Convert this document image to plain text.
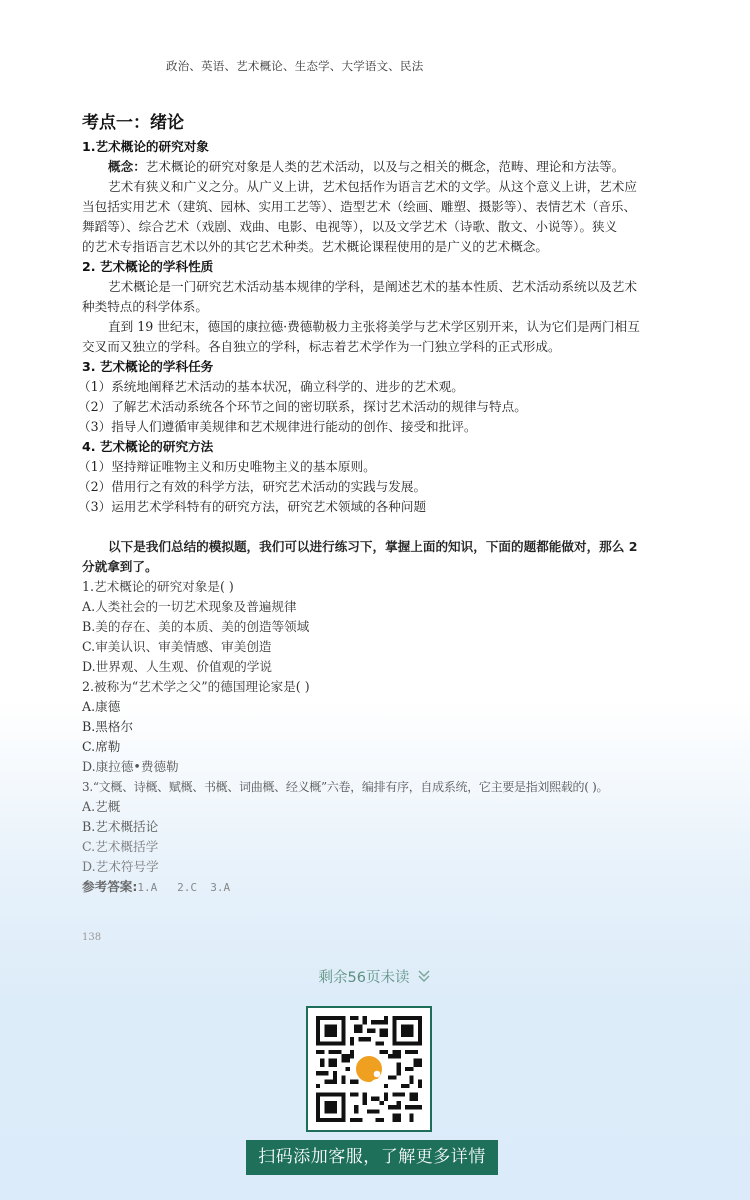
政治、英语、艺术概论、生态学、大学语文、民法
考点一：绪论
1.艺术概论的研究对象
概念：艺术概论的研究对象是人类的艺术活动，以及与之相关的概念，范畴、理论和方法等。
艺术有狭义和广义之分。从广义上讲，艺术包括作为语言艺术的文学。从这个意义上讲，艺术应
当包括实用艺术（建筑、园林、实用工艺等）、造型艺术（绘画、雕塑、摄影等）、表情艺术（音乐、
舞蹈等）、综合艺术（戏剧、戏曲、电影、电视等），以及文学艺术（诗歌、散文、小说等）。狭义
的艺术专指语言艺术以外的其它艺术种类。艺术概论课程使用的是广义的艺术概念。
2. 艺术概论的学科性质
艺术概论是一门研究艺术活动基本规律的学科，是阐述艺术的基本性质、艺术活动系统以及艺术
种类特点的科学体系。
直到 19 世纪末，德国的康拉德·费德勒极力主张将美学与艺术学区别开来，认为它们是两门相互
交叉而又独立的学科。各自独立的学科，标志着艺术学作为一门独立学科的正式形成。
3. 艺术概论的学科任务
（1）系统地阐释艺术活动的基本状况，确立科学的、进步的艺术观。
（2）了解艺术活动系统各个环节之间的密切联系，探讨艺术活动的规律与特点。
（3）指导人们遵循审美规律和艺术规律进行能动的创作、接受和批评。
4. 艺术概论的研究方法
（1）坚持辩证唯物主义和历史唯物主义的基本原则。
（2）借用行之有效的科学方法，研究艺术活动的实践与发展。
（3）运用艺术学科特有的研究方法，研究艺术领域的各种问题
以下是我们总结的模拟题，我们可以进行练习下，掌握上面的知识，下面的题都能做对，那么 2
分就拿到了。
1.艺术概论的研究对象是( )
A.人类社会的一切艺术现象及普遍规律
B.美的存在、美的本质、美的创造等领域
C.审美认识、审美情感、审美创造
D.世界观、人生观、价值观的学说
2.被称为“艺术学之父”的德国理论家是( )
A.康德
B.黑格尔
C.席勒
D.康拉德•费德勒
3.“文概、诗概、赋概、书概、词曲概、经义概”六卷，编排有序，自成系统，它主要是指刘熙载的( )。
A.艺概
B.艺术概括论
C.艺术概括学
D.艺术符号学
参考答案:1.A   2.C  3.A
138
剩余56页未读
扫码添加客服，了解更多详情
